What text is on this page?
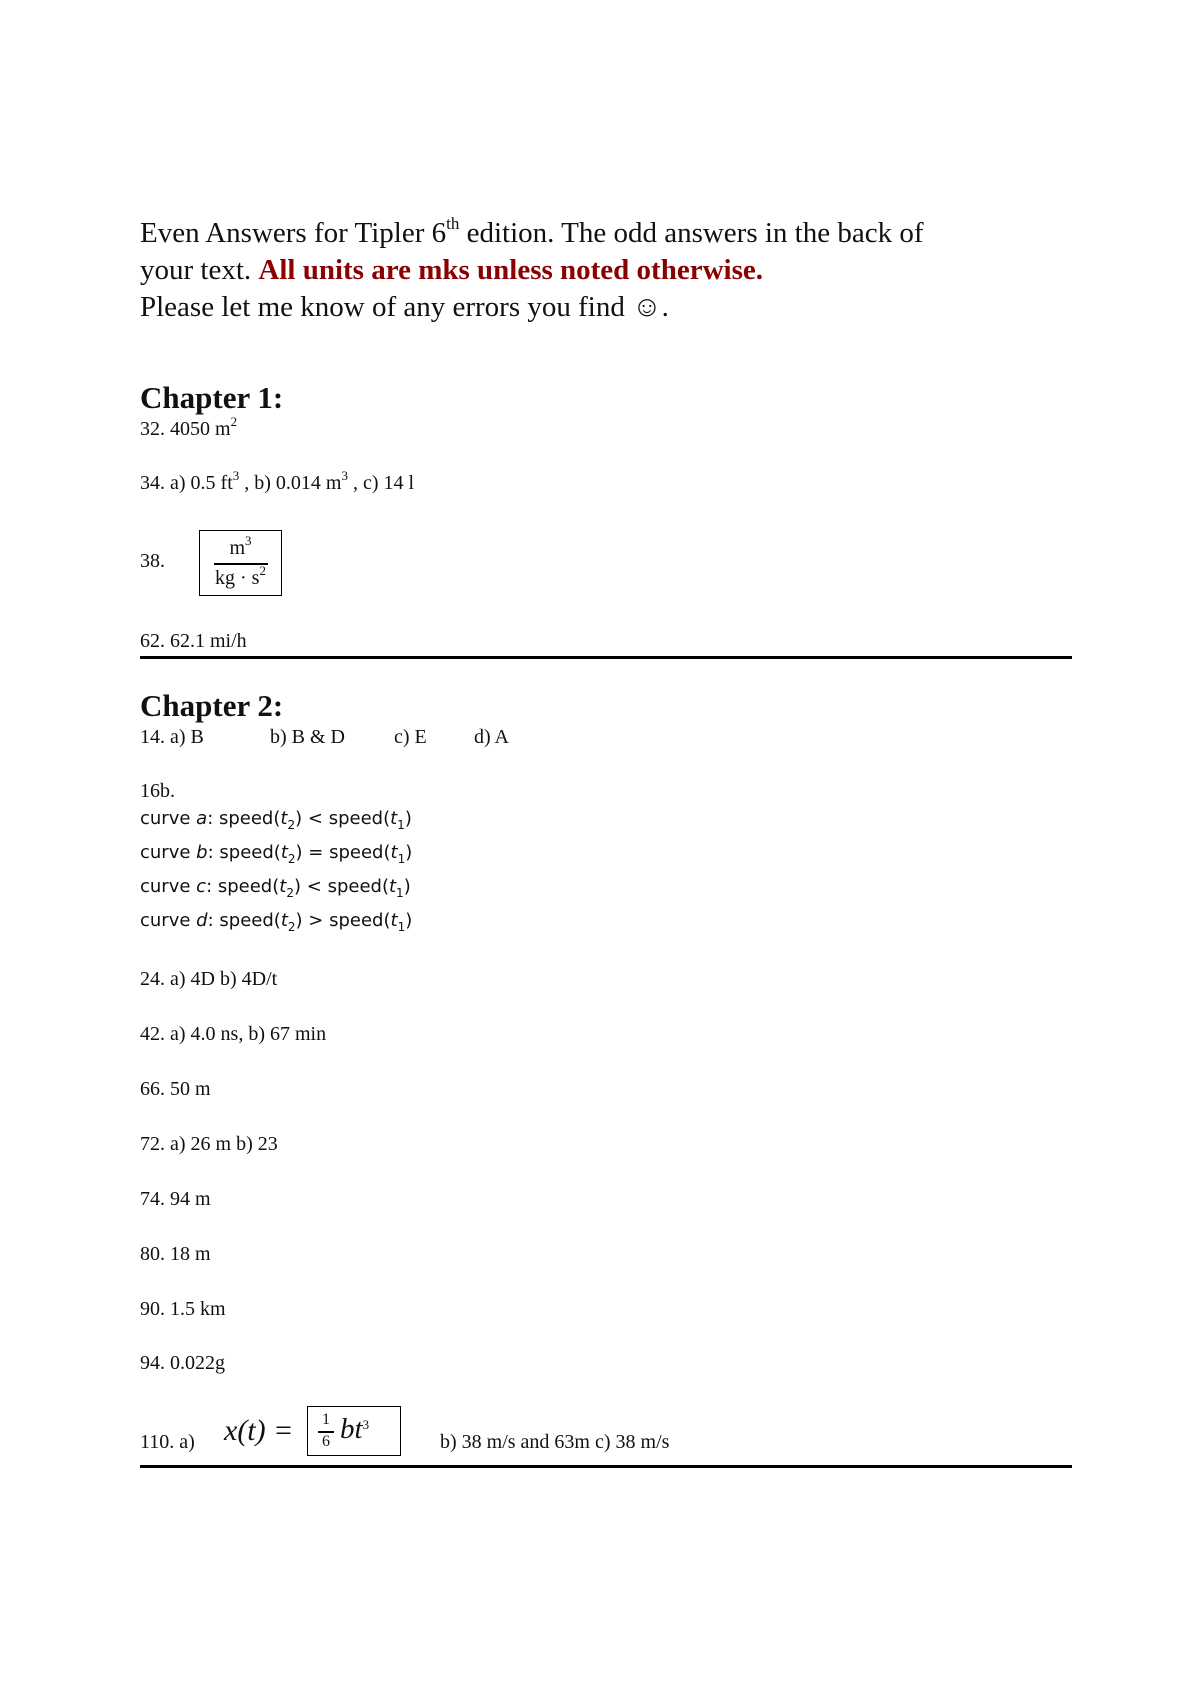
Even Answers for Tipler 6th edition. The odd answers in the back of
your text. All units are mks unless noted otherwise.
Please let me know of any errors you find ☺.
Chapter 1:
32. 4050 $m^2$
34. a) 0.5 $ft^3$ , b) 0.014 $m^3$ , c) 14 l
38.
$m^3$
kg · $s^2$
62. 62.1 mi/h
Chapter 2:
14. a) B	b) B & D c) E d) A
16b.
curve a: $speed(t_2)$ < $speed(t_1)$
curve b: $speed(t_2)$ = $speed(t_1)$
curve c: $speed(t_2)$ < $speed(t_1)$
curve d: $speed(t_2)$ > $speed(t_1)$
24. a) 4D b) 4D/t
42. a) 4.0 ns, b) 67 min
66. 50 m
72. a) 26 m b) 23
74. 94 m
80. 18 m
90. 1.5 km
94. 0.022g
110. a) x(t) = 1
6 $bt^3$
b) 38 m/s and 63m c) 38 m/s
